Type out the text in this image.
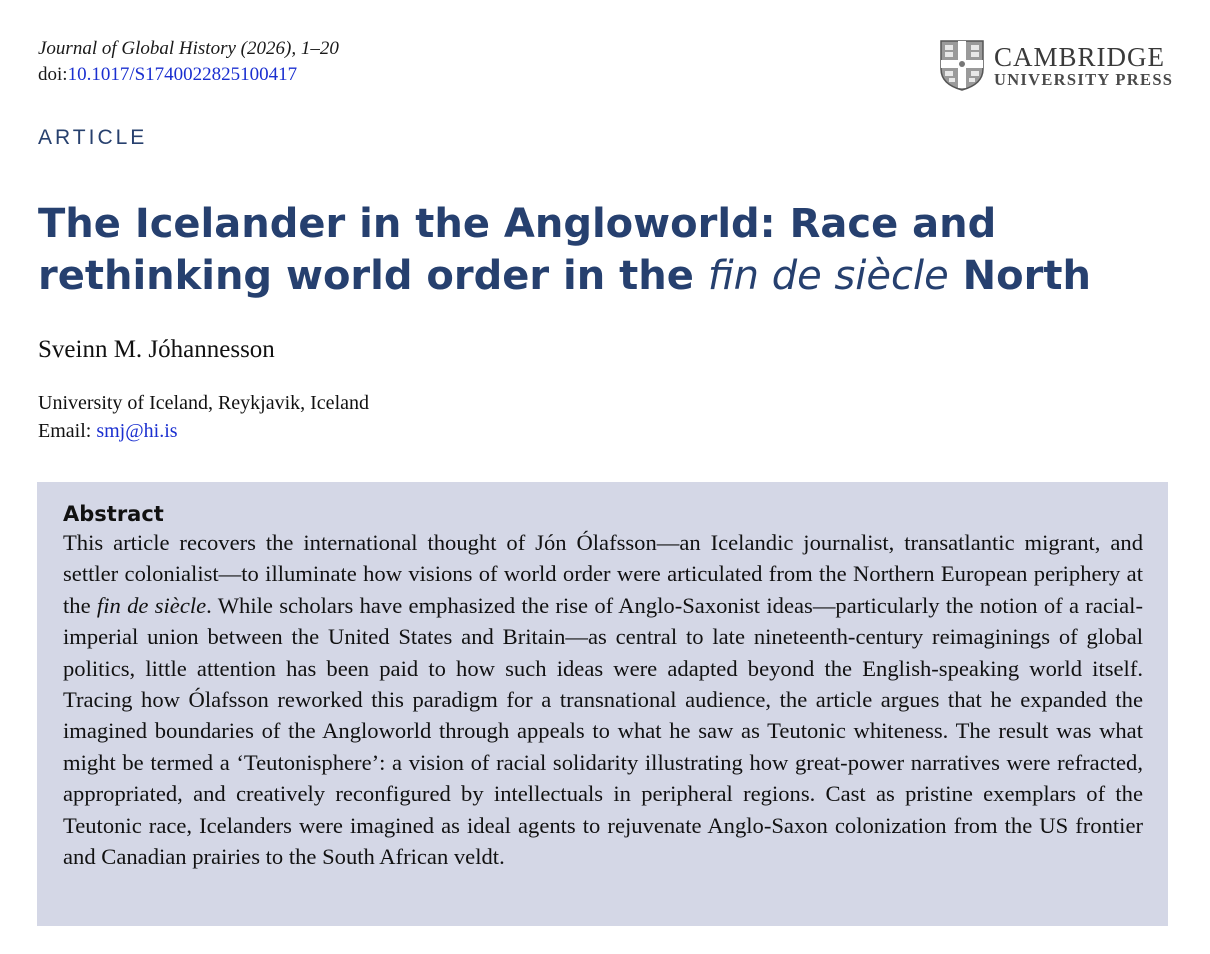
Journal of Global History (2026), 1–20
doi:10.1017/S1740022825100417
CAMBRIDGE
UNIVERSITY PRESS
ARTICLE
The Icelander in the Angloworld: Race and rethinking world order in the fin de siècle North
Sveinn M. Jóhannesson
University of Iceland, Reykjavik, Iceland
Email: smj@hi.is
Abstract

This article recovers the international thought of Jón Ólafsson—an Icelandic journalist, transatlantic migrant, and settler colonialist—to illuminate how visions of world order were articulated from the Northern European periphery at the fin de siècle. While scholars have emphasized the rise of Anglo-Saxonist ideas—particularly the notion of a racial-imperial union between the United States and Britain—as central to late nineteenth-century reimaginings of global politics, little attention has been paid to how such ideas were adapted beyond the English-speaking world itself. Tracing how Ólafsson reworked this paradigm for a transnational audience, the article argues that he expanded the imagined boundaries of the Angloworld through appeals to what he saw as Teutonic whiteness. The result was what might be termed a ‘Teutonisphere’: a vision of racial solidarity illustrating how great-power narratives were refracted, appropriated, and creatively reconfigured by intellectuals in peripheral regions. Cast as pristine exemplars of the Teutonic race, Icelanders were imagined as ideal agents to rejuvenate Anglo-Saxon colonization from the US frontier and Canadian prairies to the South African veldt.
